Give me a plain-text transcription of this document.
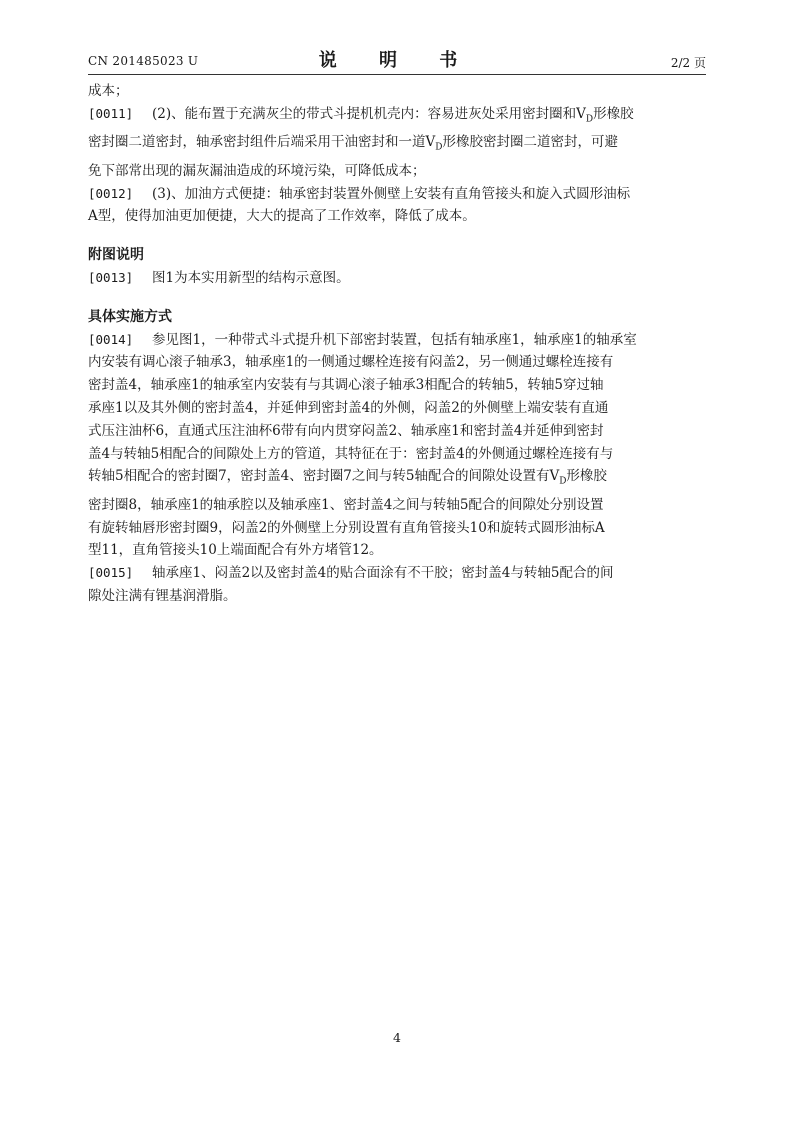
CN 201485023 U	说 明 书	2/2 页
成本；
[0011] (2)、能布置于充满灰尘的带式斗提机机壳内：容易进灰处采用密封圈和$V_D$形橡胶
密封圈二道密封，轴承密封组件后端采用干油密封和一道$V_D$形橡胶密封圈二道密封，可避
免下部常出现的漏灰漏油造成的环境污染，可降低成本；
[0012] (3)、加油方式便捷：轴承密封装置外侧壁上安装有直角管接头和旋入式圆形油标
A型，使得加油更加便捷，大大的提高了工作效率，降低了成本。
附图说明
[0013] 图1为本实用新型的结构示意图。
具体实施方式
[0014] 参见图1，一种带式斗式提升机下部密封装置，包括有轴承座1，轴承座1的轴承室
内安装有调心滚子轴承3，轴承座1的一侧通过螺栓连接有闷盖2，另一侧通过螺栓连接有
密封盖4，轴承座1的轴承室内安装有与其调心滚子轴承3相配合的转轴5，转轴5穿过轴
承座1以及其外侧的密封盖4，并延伸到密封盖4的外侧，闷盖2的外侧壁上端安装有直通
式压注油杯6，直通式压注油杯6带有向内贯穿闷盖2、轴承座1和密封盖4并延伸到密封
盖4与转轴5相配合的间隙处上方的管道，其特征在于：密封盖4的外侧通过螺栓连接有与
转轴5相配合的密封圈7，密封盖4、密封圈7之间与转5轴配合的间隙处设置有$V_D$形橡胶
密封圈8，轴承座1的轴承腔以及轴承座1、密封盖4之间与转轴5配合的间隙处分别设置
有旋转轴唇形密封圈9，闷盖2的外侧壁上分别设置有直角管接头10和旋转式圆形油标A
型11，直角管接头10上端面配合有外方堵管12。
[0015] 轴承座1、闷盖2以及密封盖4的贴合面涂有不干胶；密封盖4与转轴5配合的间
隙处注满有锂基润滑脂。
4
